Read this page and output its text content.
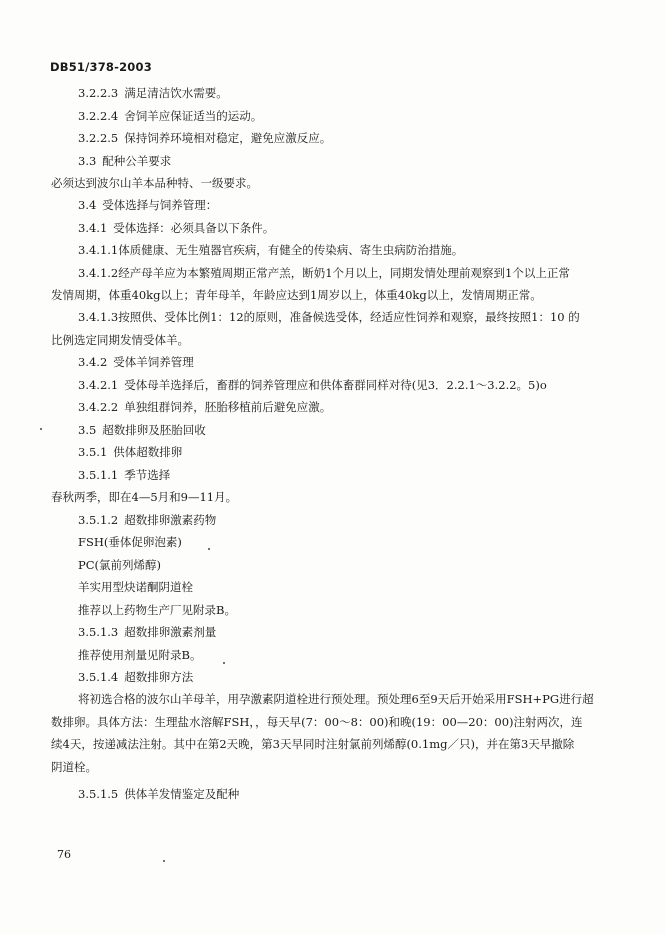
DB51/378-2003
3.2.2.3 满足清洁饮水需要。
3.2.2.4 舍饲羊应保证适当的运动。
3.2.2.5 保持饲养环境相对稳定，避免应激反应。
3.3 配种公羊要求
必须达到波尔山羊本品种特、一级要求。
3.4 受体选择与饲养管理：
3.4.1 受体选择：必须具备以下条件。
3.4.1.1体质健康、无生殖器官疾病，有健全的传染病、寄生虫病防治措施。
3.4.1.2经产母羊应为本繁殖周期正常产羔，断奶1个月以上，同期发情处理前观察到1个以上正常
发情周期，体重40kg以上；青年母羊，年龄应达到1周岁以上，体重40kg以上，发情周期正常。
3.4.1.3按照供、受体比例1：12的原则，准备候选受体，经适应性饲养和观察，最终按照1：10 的
比例选定同期发情受体羊。
3.4.2 受体羊饲养管理
3.4.2.1 受体母羊选择后，畜群的饲养管理应和供体畜群同样对待(见3．2.2.1～3.2.2。5)o
3.4.2.2 单独组群饲养，胚胎移植前后避免应激。
3.5 超数排卵及胚胎回收
3.5.1 供体超数排卵
3.5.1.1 季节选择
春秋两季，即在4—5月和9—11月。
3.5.1.2 超数排卵激素药物
FSH(垂体促卵泡素)
PC(氯前列烯醇)
羊实用型炔诺酮阴道栓
推荐以上药物生产厂见附录B。
3.5.1.3 超数排卵激素剂量
推荐使用剂量见附录B。
3.5.1.4 超数排卵方法
将初选合格的波尔山羊母羊，用孕激素阴道栓进行预处理。预处理6至9天后开始采用FSH+PG进行超
数排卵。具体方法：生理盐水溶解FSH，，每天早(7：00～8：00)和晚(19：00—20：00)注射两次，连
续4天，按递减法注射。其中在第2天晚，第3天早同时注射氯前列烯醇(0.1mg／只)，并在第3天早撤除
阴道栓。
3.5.1.5 供体羊发情鉴定及配种
76
